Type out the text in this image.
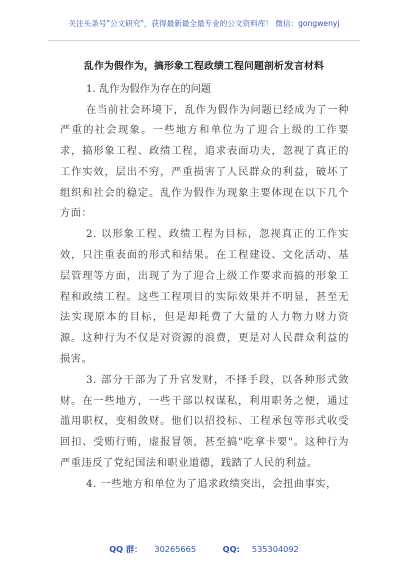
关注头条号"公文研究"，获得最新最全最专业的公文资料库！ 微信：gongwenyj
乱作为假作为，搞形象工程政绩工程问题剖析发言材料

1. 乱作为假作为存在的问题

在当前社会环境下，乱作为假作为问题已经成为了一种严重的社会现象。一些地方和单位为了迎合上级的工作要求，搞形象工程、政绩工程，追求表面功夫，忽视了真正的工作实效，层出不穷，严重损害了人民群众的利益，破坏了组织和社会的稳定。乱作为假作为现象主要体现在以下几个方面：

2. 以形象工程、政绩工程为目标，忽视真正的工作实效，只注重表面的形式和结果。在工程建设、文化活动、基层管理等方面，出现了为了迎合上级工作要求而搞的形象工程和政绩工程。这些工程项目的实际效果并不明显，甚至无法实现原本的目标，但是却耗费了大量的人力物力财力资源。这种行为不仅是对资源的浪费，更是对人民群众利益的损害。

3. 部分干部为了升官发财，不择手段，以各种形式敛财。在一些地方，一些干部以权谋私，利用职务之便，通过滥用职权，变相敛财。他们以招投标、工程承包等形式收受回扣、受贿行贿，虚报冒领，甚至搞"吃拿卡要"。这种行为严重违反了党纪国法和职业道德，践踏了人民的利益。

4. 一些地方和单位为了追求政绩突出，会扭曲事实，

QQ 群： 30265665	QQ: 535304092
